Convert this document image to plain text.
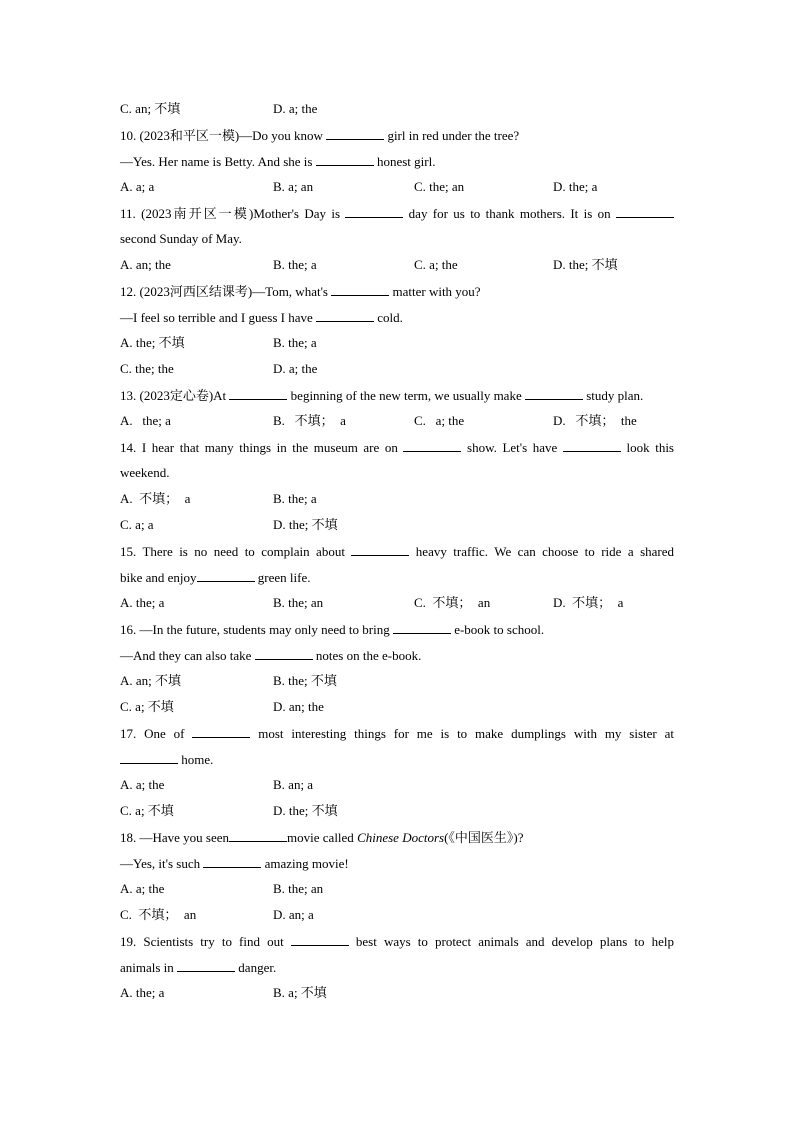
C. an; 不填	D. a; the
10. (2023和平区一模)—Do you know	girl in red under the tree?
—Yes. Her name is Betty. And she is	honest girl.
A. a; a	B. a; an	C. the; an	D. the; a
11. (2023南开区一模)Mother's Day is	day for us to thank mothers. It is on
second Sunday of May.
A. an; the	B. the; a	C. a; the	D. the; 不填
12. (2023河西区结课考)—Tom, what's	matter with you?
—I feel so terrible and I guess I have	cold.
A. the; 不填	B. the; a
C. the; the	D. a; the
13. (2023定心卷)At	beginning of the new term, we usually make	study plan.
A.   the; a	B.   不填；  a	C.   a; the	D.   不填；  the
14. I hear that many things in the museum are on	show. Let's have	look this
weekend.
A.  不填；  a	B. the; a
C. a; a	D. the; 不填
15. There is no need to complain about	heavy traffic. We can choose to ride a shared
bike and enjoy	green life.
A. the; a	B. the; an	C.  不填；  an	D.  不填；  a
16. —In the future, students may only need to bring	e-book to school.
—And they can also take	notes on the e-book.
A. an; 不填	B. the; 不填
C. a; 不填	D. an; the
17. One of	most interesting things for me is to make dumplings with my sister at
home.
A. a; the	B. an; a
C. a; 不填	D. the; 不填
18. —Have you seen	movie called Chinese Doctors(《中国医生》)?
—Yes, it's such	amazing movie!
A. a; the	B. the; an
C.  不填；  an	D. an; a
19. Scientists try to find out	best ways to protect animals and develop plans to help
animals in	danger.
A. the; a	B. a; 不填
